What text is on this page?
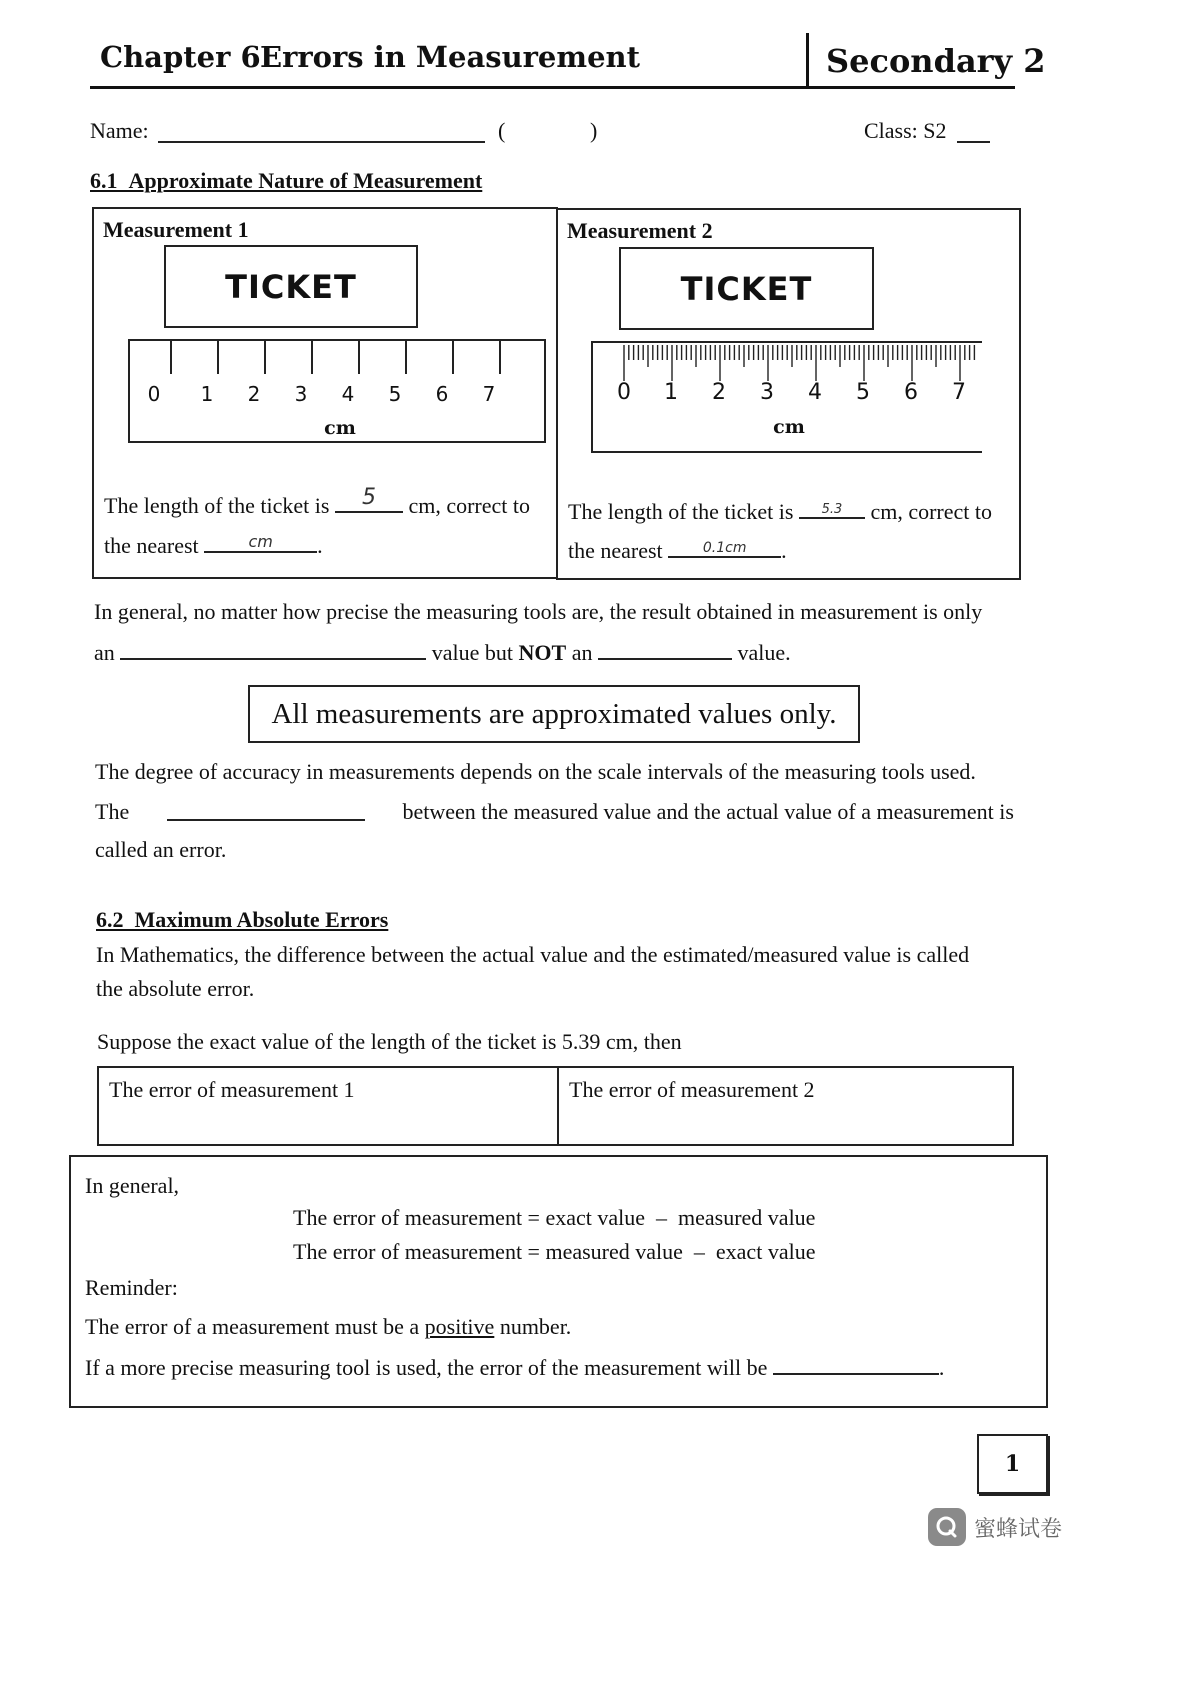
Chapter 6 Errors in Measurement	Secondary 2
Name:	(	)	Class: S2
6.1 Approximate Nature of Measurement
Measurement 1
TICKET
0 1 2 3 4 5 6 7
cm
The length of the ticket is	5	cm, correct to
the nearest	cm	.
Measurement 2
TICKET
0 1 2 3 4 5 6 7
cm
The length of the ticket is	5.3	cm, correct to
the nearest	0.1cm	.
In general, no matter how precise the measuring tools are, the result obtained in measurement is only
an	value but NOT an	value.
All measurements are approximated values only.
The degree of accuracy in measurements depends on the scale intervals of the measuring tools used.
The	between the measured value and the actual value of a measurement is
called an error.
6.2 Maximum Absolute Errors
In Mathematics, the difference between the actual value and the estimated/measured value is called
the absolute error.
Suppose the exact value of the length of the ticket is 5.39 cm, then
The error of measurement 1	The error of measurement 2
In general,
The error of measurement = exact value – measured value
The error of measurement = measured value – exact value
Reminder:
The error of a measurement must be a positive number.
If a more precise measuring tool is used, the error of the measurement will be	.
1
蜜蜂试卷
